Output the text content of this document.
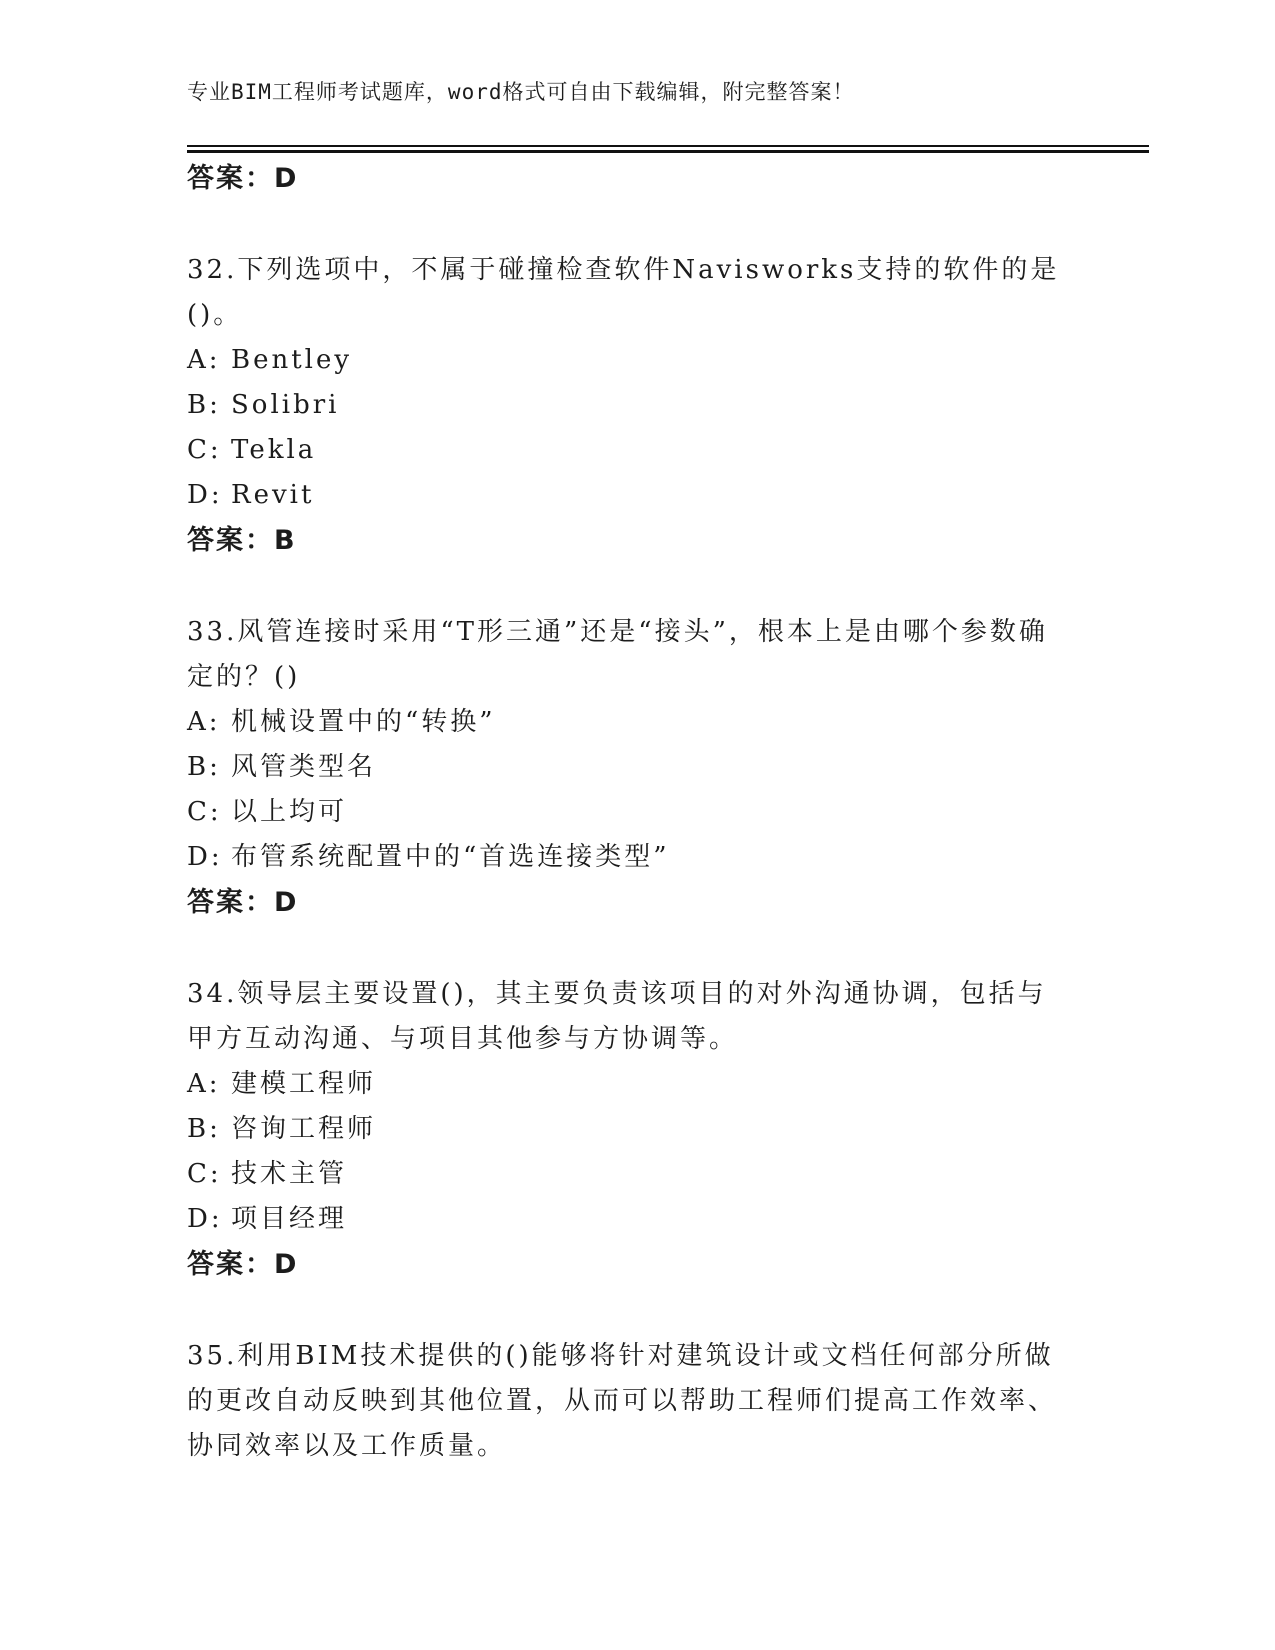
专业BIM工程师考试题库，word格式可自由下载编辑，附完整答案！
答案：D
32.下列选项中，不属于碰撞检查软件Navisworks支持的软件的是()。
A: Bentley
B: Solibri
C: Tekla
D: Revit
答案：B
33.风管连接时采用“T形三通”还是“接头”，根本上是由哪个参数确定的？()
A: 机械设置中的“转换”
B: 风管类型名
C: 以上均可
D: 布管系统配置中的“首选连接类型”
答案：D
34.领导层主要设置()，其主要负责该项目的对外沟通协调，包括与甲方互动沟通、与项目其他参与方协调等。
A: 建模工程师
B: 咨询工程师
C: 技术主管
D: 项目经理
答案：D
35.利用BIM技术提供的()能够将针对建筑设计或文档任何部分所做的更改自动反映到其他位置，从而可以帮助工程师们提高工作效率、协同效率以及工作质量。
